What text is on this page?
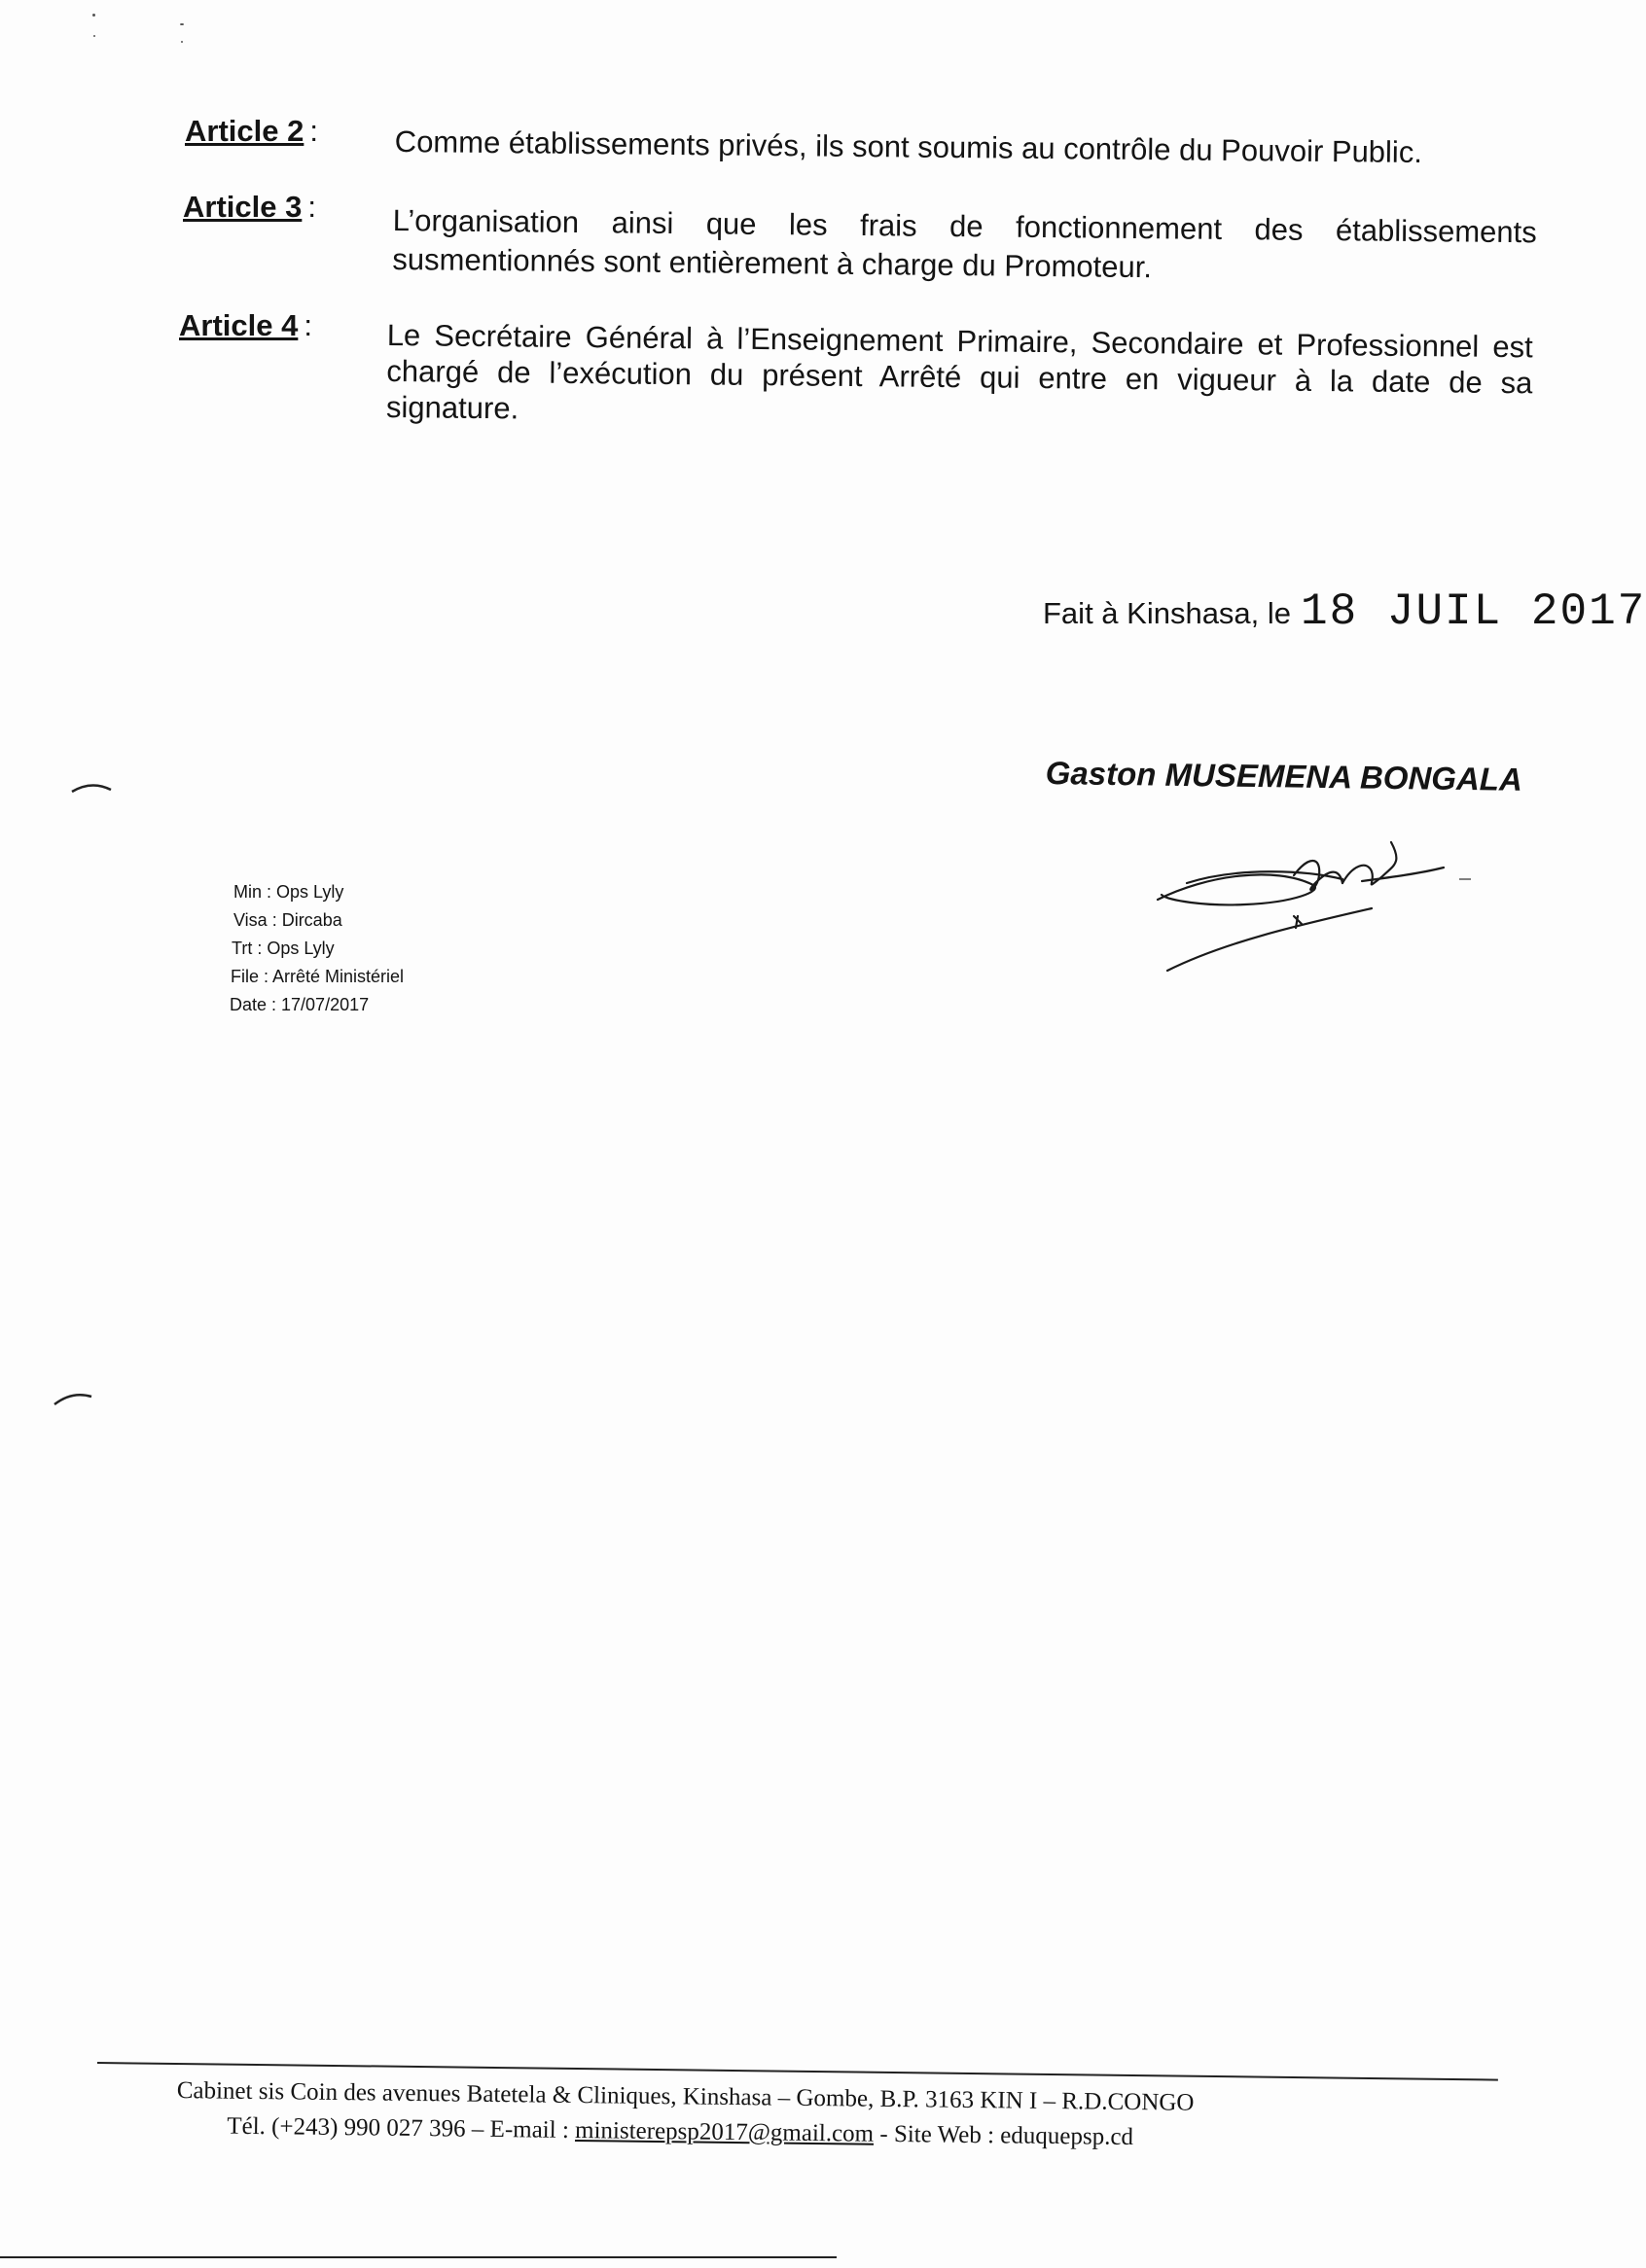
Article 2 :	Comme établissements privés, ils sont soumis au contrôle du Pouvoir Public.
Article 3 :	L’organisation ainsi que les frais de fonctionnement des établissements susmentionnés sont entièrement à charge du Promoteur.
Article 4 : Le Secrétaire Général à l’Enseignement Primaire, Secondaire et Professionnel est chargé de l’exécution du présent Arrêté qui entre en vigueur à la date de sa signature.
Fait à Kinshasa, le 18 JUIL 2017
Gaston MUSEMENA BONGALA
Min : Ops Lyly
Visa : Dircaba
Trt : Ops Lyly
File : Arrêté Ministériel
Date : 17/07/2017
Cabinet sis Coin des avenues Batetela & Cliniques, Kinshasa – Gombe, B.P. 3163 KIN I – R.D.CONGO
Tél. (+243) 990 027 396 – E-mail : ministerepsp2017@gmail.com - Site Web : eduquepsp.cd
